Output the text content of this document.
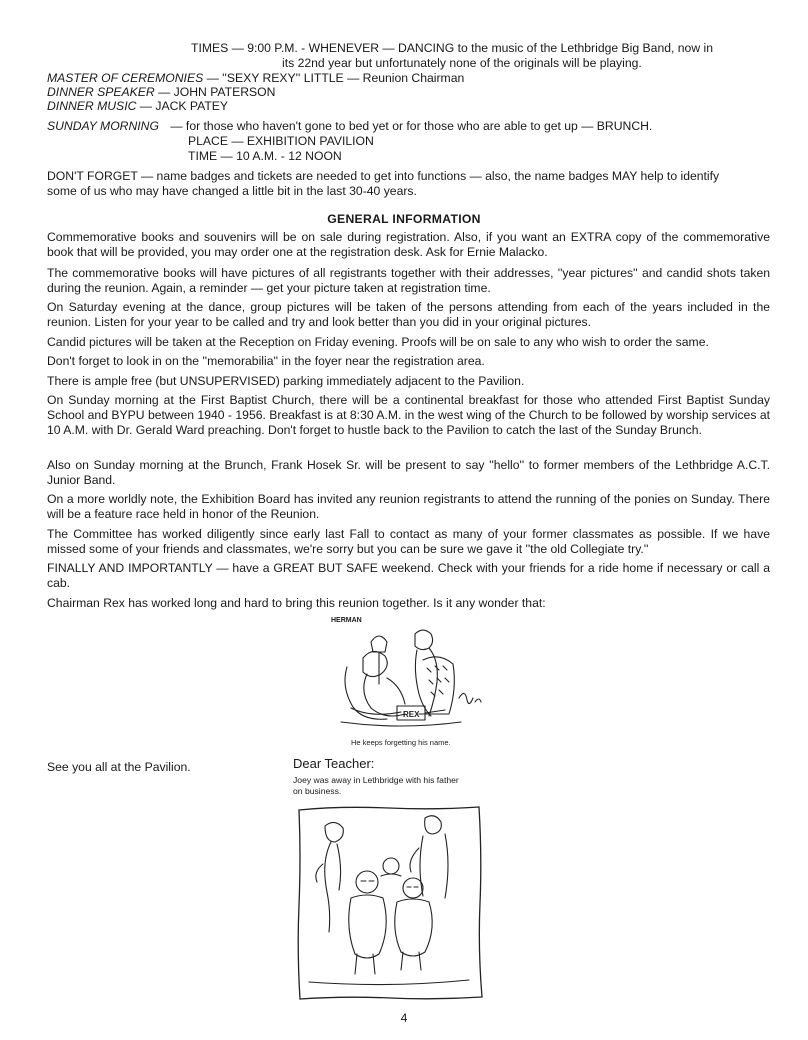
TIMES — 9:00 P.M. - WHENEVER — DANCING to the music of the Lethbridge Big Band, now in
its 22nd year but unfortunately none of the originals will be playing.
MASTER OF CEREMONIES — ''SEXY REXY'' LITTLE — Reunion Chairman
DINNER SPEAKER — JOHN PATERSON
DINNER MUSIC — JACK PATEY
SUNDAY MORNING — for those who haven't gone to bed yet or for those who are able to get up — BRUNCH.
PLACE — EXHIBITION PAVILION
TIME — 10 A.M. - 12 NOON
DON'T FORGET — name badges and tickets are needed to get into functions — also, the name badges MAY help to identify
some of us who may have changed a little bit in the last 30-40 years.
GENERAL INFORMATION
Commemorative books and souvenirs will be on sale during registration. Also, if you want an EXTRA copy of the commemorative book that will be provided, you may order one at the registration desk. Ask for Ernie Malacko.
The commemorative books will have pictures of all registrants together with their addresses, ''year pictures'' and candid shots taken during the reunion. Again, a reminder — get your picture taken at registration time.
On Saturday evening at the dance, group pictures will be taken of the persons attending from each of the years included in the reunion. Listen for your year to be called and try and look better than you did in your original pictures.
Candid pictures will be taken at the Reception on Friday evening. Proofs will be on sale to any who wish to order the same.
Don't forget to look in on the ''memorabilia'' in the foyer near the registration area.
There is ample free (but UNSUPERVISED) parking immediately adjacent to the Pavilion.
On Sunday morning at the First Baptist Church, there will be a continental breakfast for those who attended First Baptist Sunday School and BYPU between 1940 - 1956. Breakfast is at 8:30 A.M. in the west wing of the Church to be followed by worship services at 10 A.M. with Dr. Gerald Ward preaching. Don't forget to hustle back to the Pavilion to catch the last of the Sunday Brunch.
Also on Sunday morning at the Brunch, Frank Hosek Sr. will be present to say ''hello'' to former members of the Lethbridge A.C.T. Junior Band.
On a more worldly note, the Exhibition Board has invited any reunion registrants to attend the running of the ponies on Sunday. There will be a feature race held in honor of the Reunion.
The Committee has worked diligently since early last Fall to contact as many of your former classmates as possible. If we have missed some of your friends and classmates, we're sorry but you can be sure we gave it ''the old Collegiate try.''
FINALLY AND IMPORTANTLY — have a GREAT BUT SAFE weekend. Check with your friends for a ride home if necessary or call a cab.
Chairman Rex has worked long and hard to bring this reunion together. Is it any wonder that:
HERMAN
REX
He keeps forgetting his name.
See you all at the Pavilion.	Dear Teacher:
Joey was away in Lethbridge with his father
on business.
4
